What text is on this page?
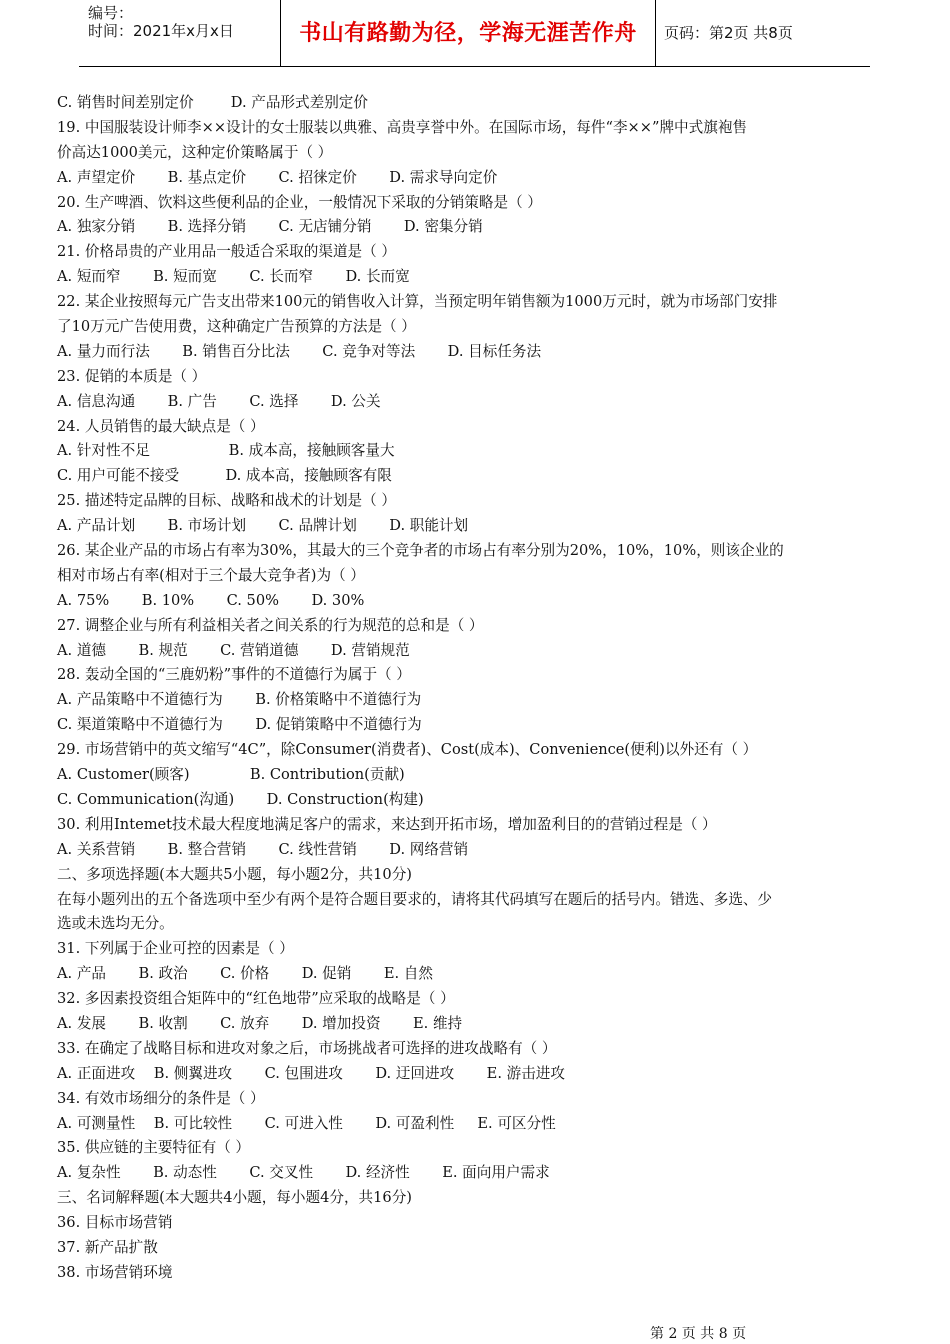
编号：
时间：2021年x月x日	书山有路勤为径，学海无涯苦作舟	页码：第2页 共8页
C. 销售时间差别定价        D. 产品形式差别定价
19. 中国服装设计师李××设计的女士服装以典雅、高贵享誉中外。在国际市场，每件“李××”牌中式旗袍售
价高达1000美元，这种定价策略属于（ ）
A. 声望定价       B. 基点定价       C. 招徕定价       D. 需求导向定价
20. 生产啤酒、饮料这些便利品的企业，一般情况下采取的分销策略是（ ）
A. 独家分销       B. 选择分销       C. 无店铺分销       D. 密集分销
21. 价格昂贵的产业用品一般适合采取的渠道是（ ）
A. 短而窄       B. 短而宽       C. 长而窄       D. 长而宽
22. 某企业按照每元广告支出带来100元的销售收入计算，当预定明年销售额为1000万元时，就为市场部门安排
了10万元广告使用费，这种确定广告预算的方法是（ ）
A. 量力而行法       B. 销售百分比法       C. 竞争对等法       D. 目标任务法
23. 促销的本质是（ ）
A. 信息沟通       B. 广告       C. 选择       D. 公关
24. 人员销售的最大缺点是（ ）
A. 针对性不足                 B. 成本高，接触顾客量大
C. 用户可能不接受          D. 成本高，接触顾客有限
25. 描述特定品牌的目标、战略和战术的计划是（ ）
A. 产品计划       B. 市场计划       C. 品牌计划       D. 职能计划
26. 某企业产品的市场占有率为30%，其最大的三个竞争者的市场占有率分别为20%，10%，10%，则该企业的
相对市场占有率(相对于三个最大竞争者)为（ ）
A. 75%       B. 10%       C. 50%       D. 30%
27. 调整企业与所有利益相关者之间关系的行为规范的总和是（ ）
A. 道德       B. 规范       C. 营销道德       D. 营销规范
28. 轰动全国的“三鹿奶粉”事件的不道德行为属于（ ）
A. 产品策略中不道德行为       B. 价格策略中不道德行为
C. 渠道策略中不道德行为       D. 促销策略中不道德行为
29. 市场营销中的英文缩写“4C”，除Consumer(消费者)、Cost(成本)、Convenience(便利)以外还有（ ）
A. Customer(顾客)             B. Contribution(贡献)
C. Communication(沟通)       D. Construction(构建)
30. 利用Intemet技术最大程度地满足客户的需求，来达到开拓市场，增加盈利目的的营销过程是（ ）
A. 关系营销       B. 整合营销       C. 线性营销       D. 网络营销
二、多项选择题(本大题共5小题，每小题2分，共10分)
在每小题列出的五个备选项中至少有两个是符合题目要求的，请将其代码填写在题后的括号内。错选、多选、少
选或未选均无分。
31. 下列属于企业可控的因素是（ ）
A. 产品       B. 政治       C. 价格       D. 促销       E. 自然
32. 多因素投资组合矩阵中的“红色地带”应采取的战略是（ ）
A. 发展       B. 收割       C. 放弃       D. 增加投资       E. 维持
33. 在确定了战略目标和进攻对象之后，市场挑战者可选择的进攻战略有（ ）
A. 正面进攻    B. 侧翼进攻       C. 包围进攻       D. 迂回进攻       E. 游击进攻
34. 有效市场细分的条件是（ ）
A. 可测量性    B. 可比较性       C. 可进入性       D. 可盈利性     E. 可区分性
35. 供应链的主要特征有（ ）
A. 复杂性       B. 动态性       C. 交叉性       D. 经济性       E. 面向用户需求
三、名词解释题(本大题共4小题，每小题4分，共16分)
36. 目标市场营销
37. 新产品扩散
38. 市场营销环境
第 2 页 共 8 页
